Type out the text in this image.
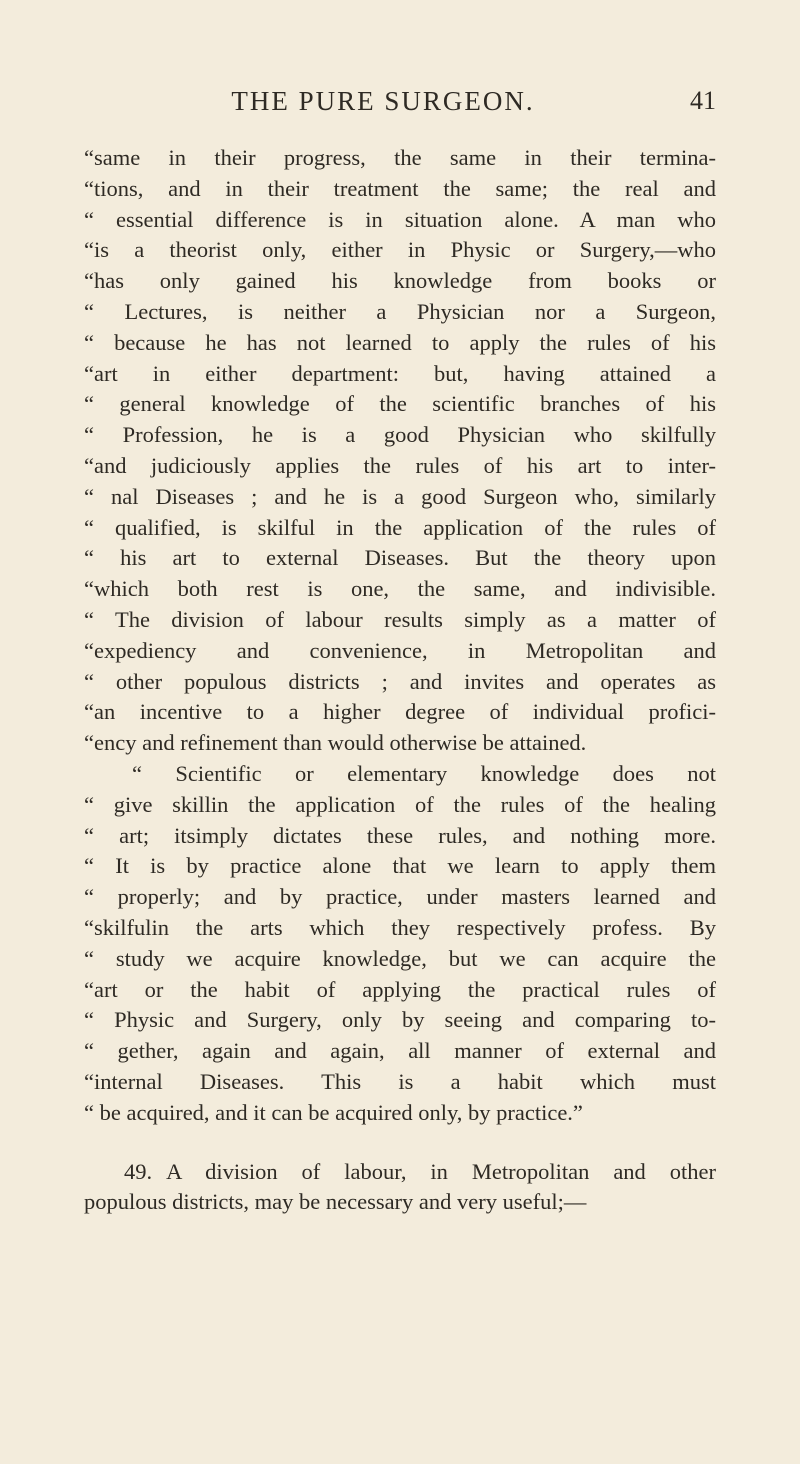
THE PURE SURGEON.	41
“same in their progress, the same in their termina-
“tions, and in their treatment the same; the real and
“ essential difference is in situation alone. A man who
“is a theorist only, either in Physic or Surgery,—who
“has only gained his knowledge from books or
“ Lectures, is neither a Physician nor a Surgeon,
“ because he has not learned to apply the rules of his
“art in either department: but, having attained a
“ general knowledge of the scientific branches of his
“ Profession, he is a good Physician who skilfully
“and judiciously applies the rules of his art to inter-
“ nal Diseases ; and he is a good Surgeon who, similarly
“ qualified, is skilful in the application of the rules of
“ his art to external Diseases. But the theory upon
“which both rest is one, the same, and indivisible.
“ The division of labour results simply as a matter of
“expediency and convenience, in Metropolitan and
“ other populous districts ; and invites and operates as
“an incentive to a higher degree of individual profici-
“ency and refinement than would otherwise be attained.
“ Scientific or elementary knowledge does not
“ give skillin the application of the rules of the healing
“ art; itsimply dictates these rules, and nothing more.
“ It is by practice alone that we learn to apply them
“ properly; and by practice, under masters learned and
“skilfulin the arts which they respectively profess. By
“ study we acquire knowledge, but we can acquire the
“art or the habit of applying the practical rules of
“ Physic and Surgery, only by seeing and comparing to-
“ gether, again and again, all manner of external and
“internal Diseases. This is a habit which must
“ be acquired, and it can be acquired only, by practice.”
49. A division of labour, in Metropolitan and other
populous districts, may be necessary and very useful;—
